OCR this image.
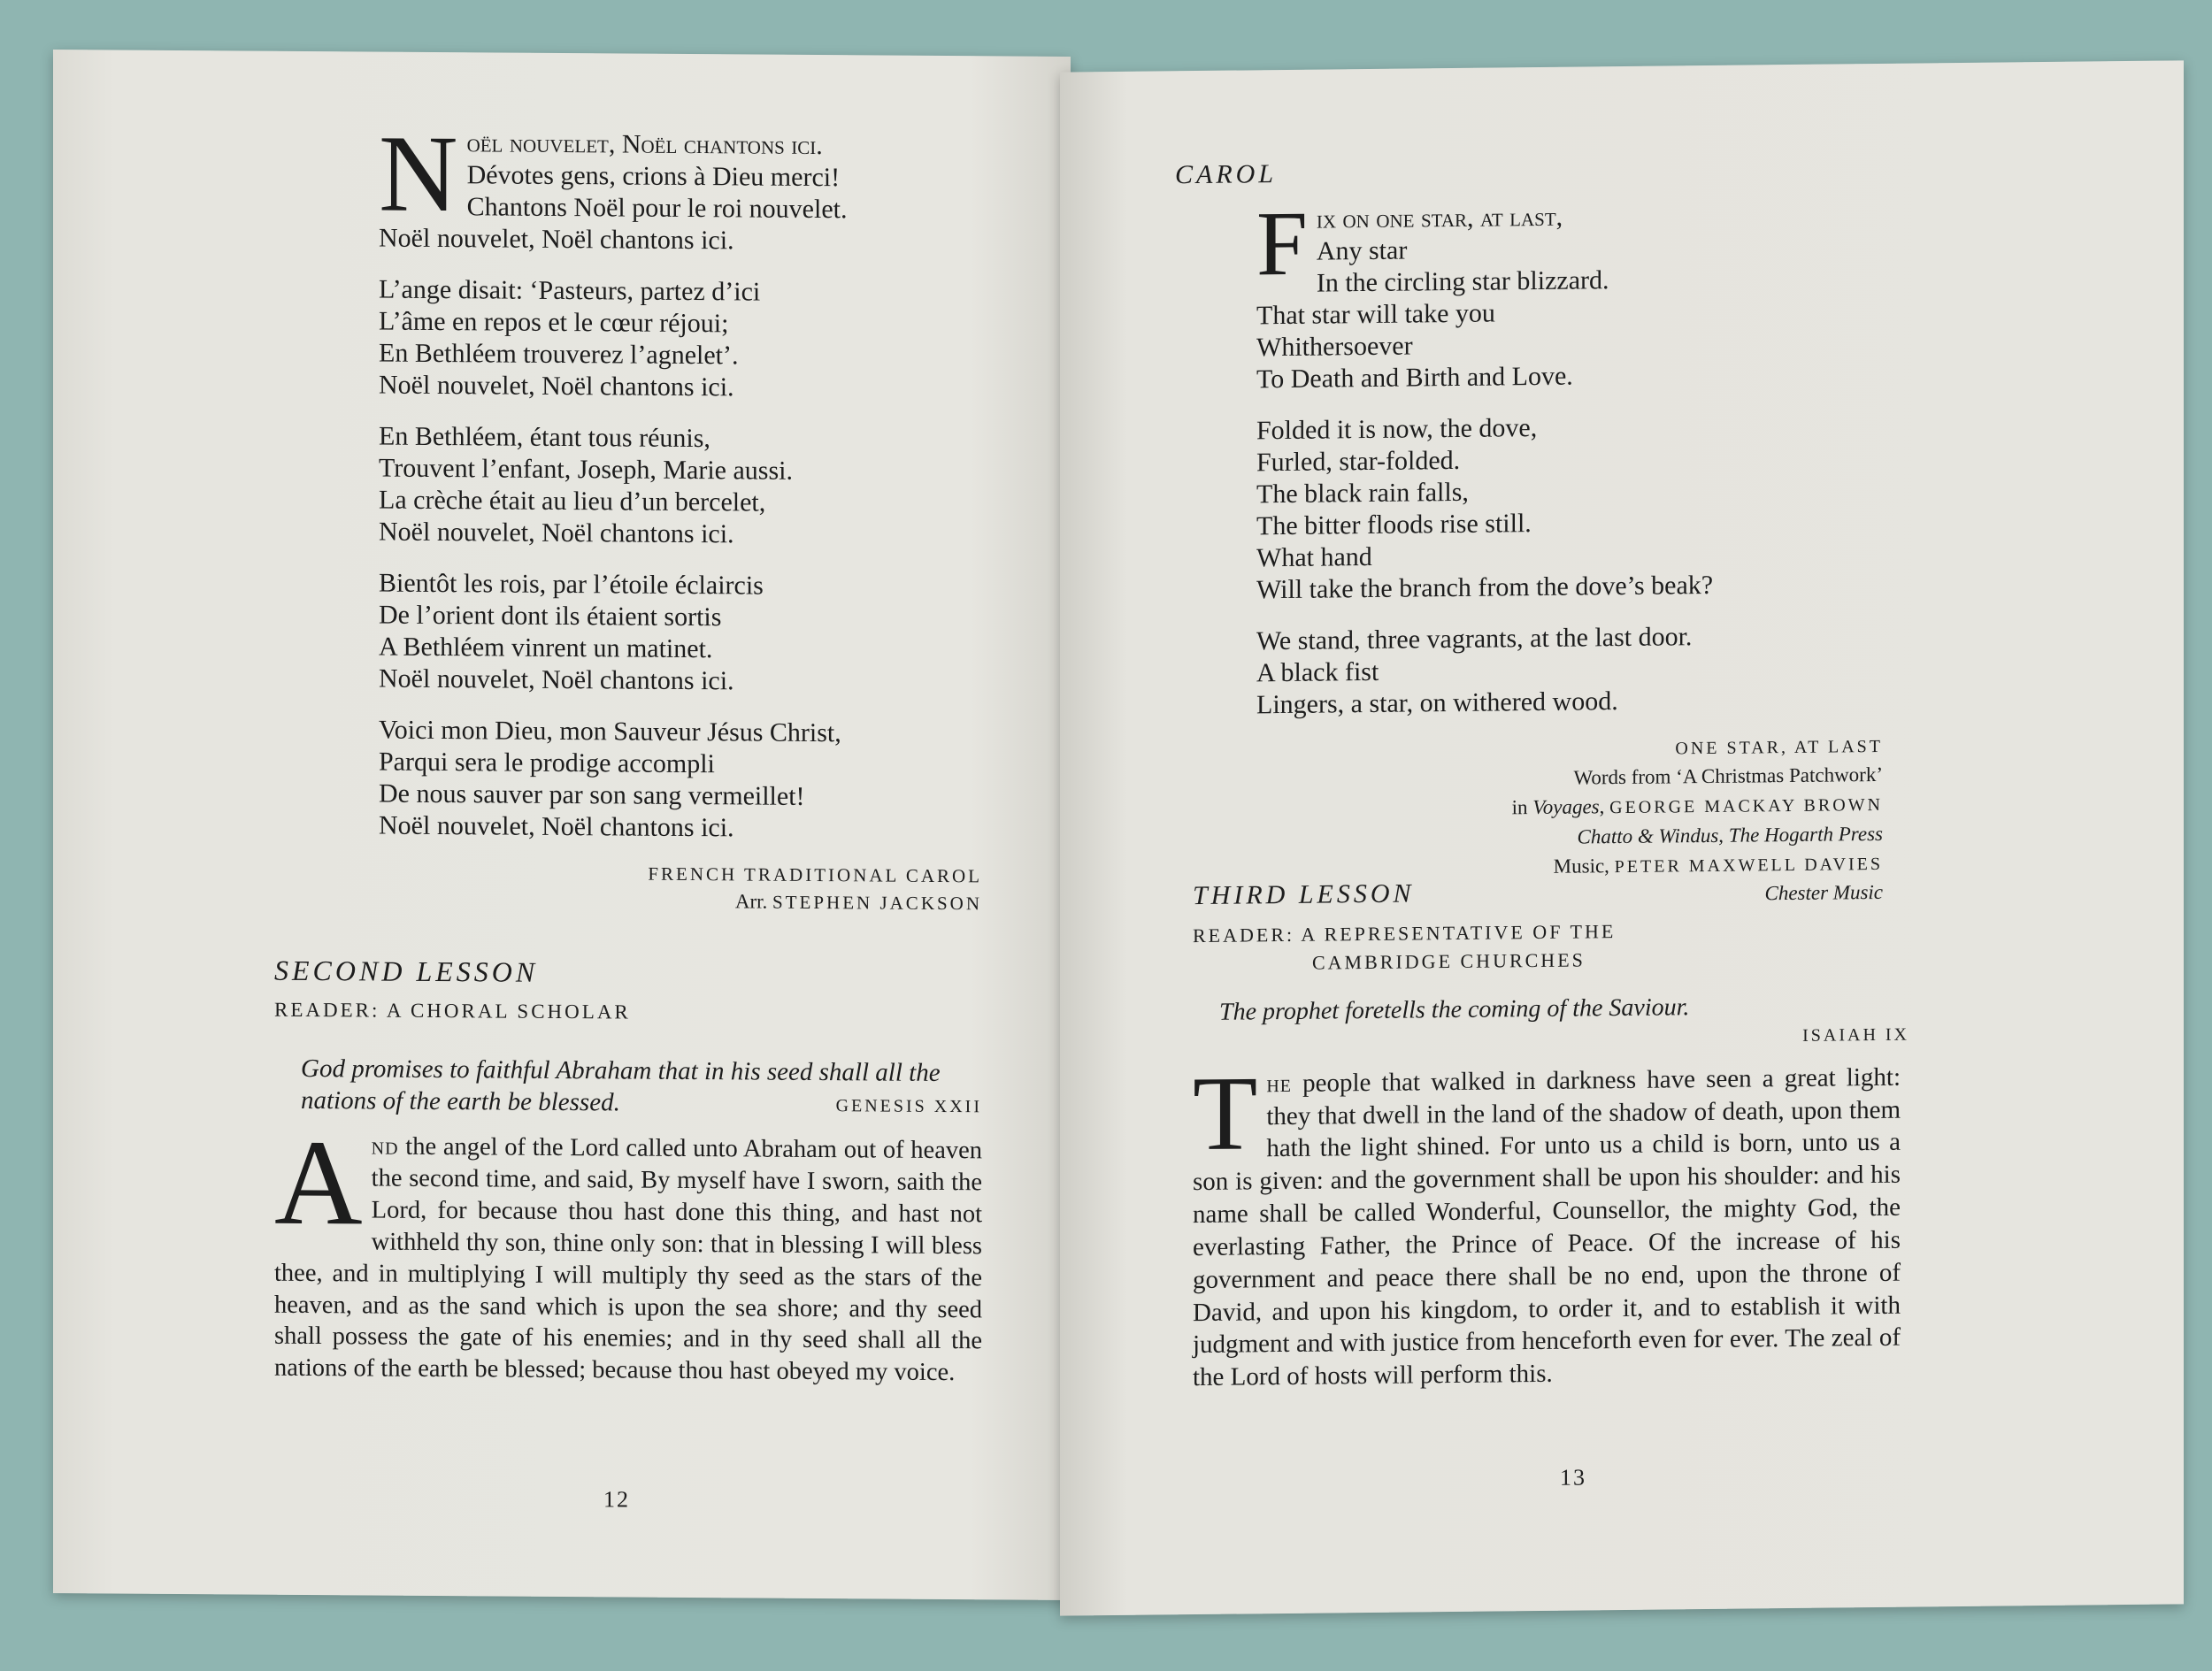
N oël nouvelet, Noël chantons ici.
Dévotes gens, crions à Dieu merci!
Chantons Noël pour le roi nouvelet.
Noël nouvelet, Noël chantons ici.
L’ange disait: ‘Pasteurs, partez d’ici
L’âme en repos et le cœur réjoui;
En Bethléem trouverez l’agnelet’.
Noël nouvelet, Noël chantons ici.
En Bethléem, étant tous réunis,
Trouvent l’enfant, Joseph, Marie aussi.
La crèche était au lieu d’un bercelet,
Noël nouvelet, Noël chantons ici.
Bientôt les rois, par l’étoile éclaircis
De l’orient dont ils étaient sortis
A Bethléem vinrent un matinet.
Noël nouvelet, Noël chantons ici.
Voici mon Dieu, mon Sauveur Jésus Christ,
Parqui sera le prodige accompli
De nous sauver par son sang vermeillet!
Noël nouvelet, Noël chantons ici.
FRENCH TRADITIONAL CAROL
Arr. STEPHEN JACKSON
SECOND LESSON
READER: A CHORAL SCHOLAR
God promises to faithful Abraham that in his seed shall all the nations of the earth be blessed.	GENESIS XXII
And the angel of the Lord called unto Abraham out of heaven the second time, and said, By myself have I sworn, saith the Lord, for because thou hast done this thing, and hast not withheld thy son, thine only son: that in blessing I will bless thee, and in multiplying I will multiply thy seed as the stars of the heaven, and as the sand which is upon the sea shore; and thy seed shall possess the gate of his enemies; and in thy seed shall all the nations of the earth be blessed; because thou hast obeyed my voice.
12
CAROL
F ix on one star, at last,
Any star
In the circling star blizzard.
That star will take you
Whithersoever
To Death and Birth and Love.
Folded it is now, the dove,
Furled, star-folded.
The black rain falls,
The bitter floods rise still.
What hand
Will take the branch from the dove’s beak?
We stand, three vagrants, at the last door.
A black fist
Lingers, a star, on withered wood.
ONE STAR, AT LAST
Words from ‘A Christmas Patchwork’
in Voyages, GEORGE MACKAY BROWN
Chatto & Windus, The Hogarth Press
Music, PETER MAXWELL DAVIES
Chester Music
THIRD LESSON
READER: A REPRESENTATIVE OF THE
CAMBRIDGE CHURCHES
The prophet foretells the coming of the Saviour.
ISAIAH IX
The people that walked in darkness have seen a great light: they that dwell in the land of the shadow of death, upon them hath the light shined. For unto us a child is born, unto us a son is given: and the government shall be upon his shoulder: and his name shall be called Wonderful, Counsellor, the mighty God, the everlasting Father, the Prince of Peace. Of the increase of his government and peace there shall be no end, upon the throne of David, and upon his kingdom, to order it, and to establish it with judgment and with justice from henceforth even for ever. The zeal of the Lord of hosts will perform this.
13
